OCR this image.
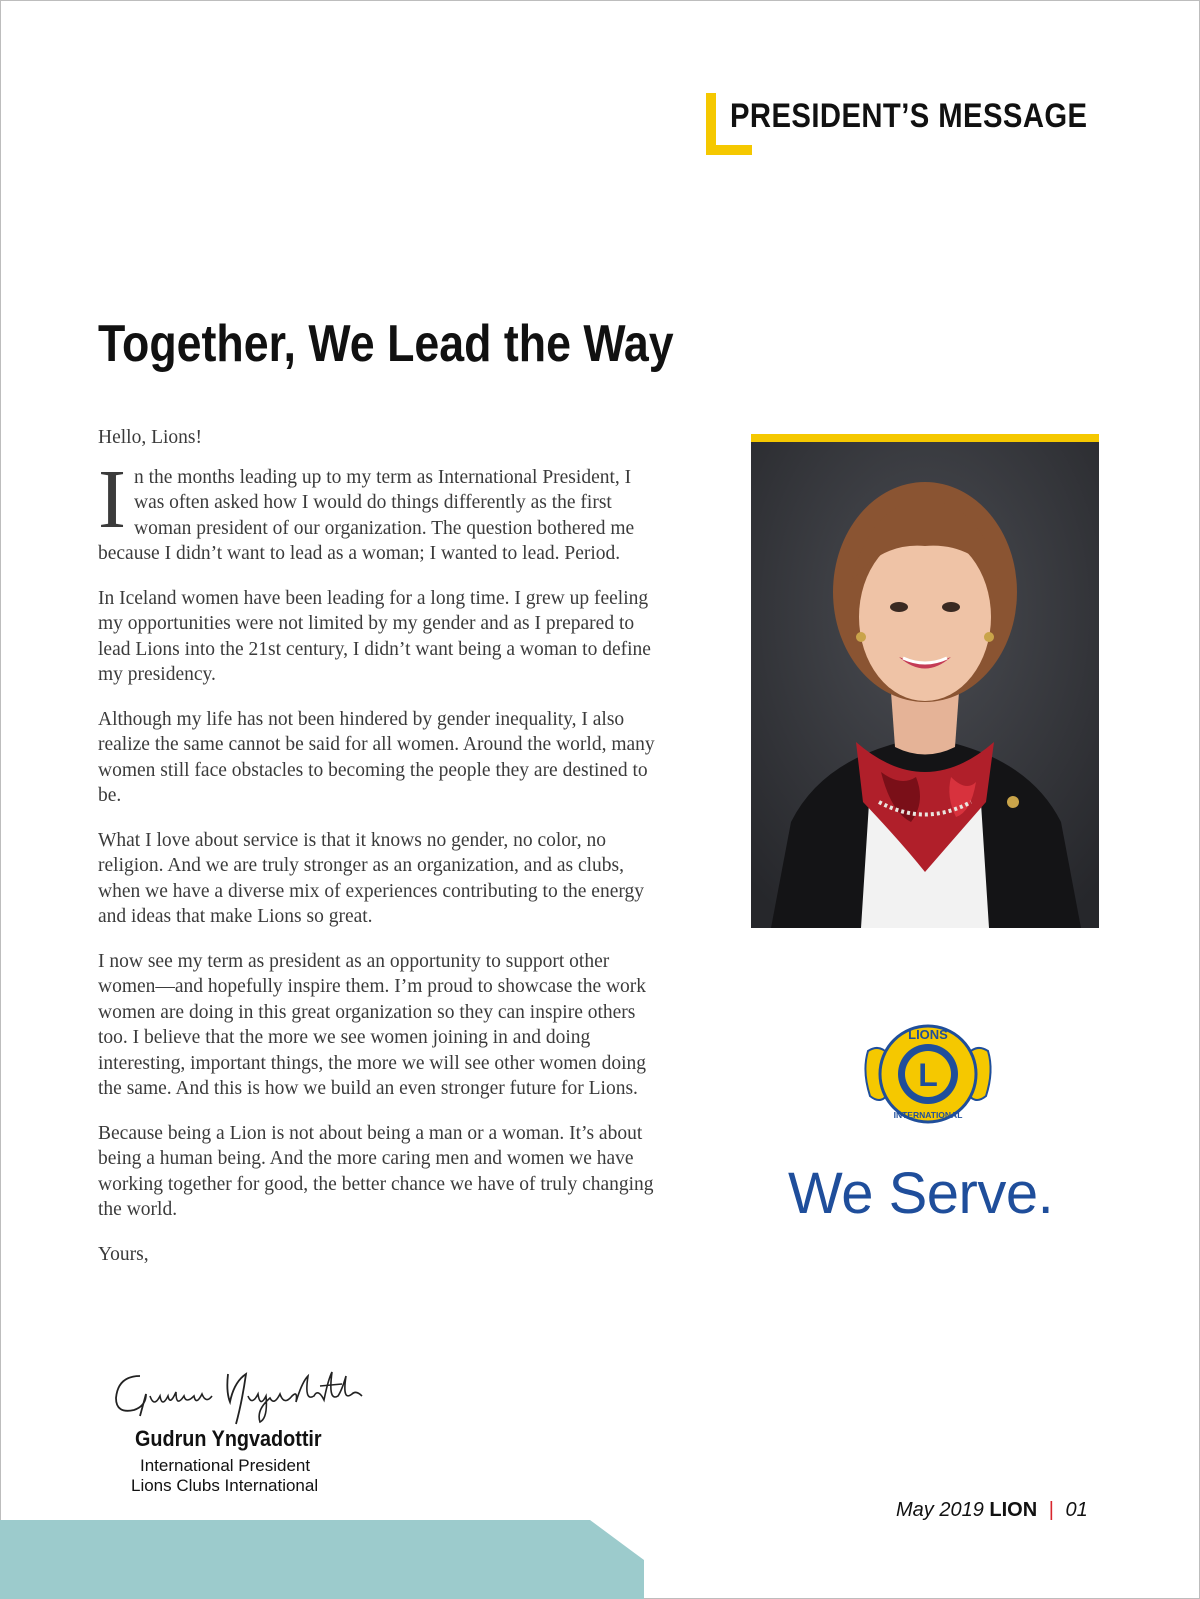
PRESIDENT’S MESSAGE
Together, We Lead the Way

Hello, Lions!

In the months leading up to my term as International President, I was often asked how I would do things differently as the first woman president of our organization. The question bothered me because I didn’t want to lead as a woman; I wanted to lead. Period.

In Iceland women have been leading for a long time. I grew up feeling my opportunities were not limited by my gender and as I prepared to lead Lions into the 21st century, I didn’t want being a woman to define my presidency.

Although my life has not been hindered by gender inequality, I also realize the same cannot be said for all women. Around the world, many women still face obstacles to becoming the people they are destined to be.

What I love about service is that it knows no gender, no color, no religion. And we are truly stronger as an organization, and as clubs, when we have a diverse mix of experiences contributing to the energy and ideas that make Lions so great.

I now see my term as president as an opportunity to support other women—and hopefully inspire them. I’m proud to showcase the work women are doing in this great organization so they can inspire others too. I believe that the more we see women joining in and doing interesting, important things, the more we will see other women doing the same. And this is how we build an even stronger future for Lions.

Because being a Lion is not about being a man or a woman. It’s about being a human being. And the more caring men and women we have working together for good, the better chance we have of truly changing the world.

Yours,

L
LIONS
INTERNATIONAL
We Serve.
Gudrun Yngvadottir
International President
Lions Clubs International
May 2019 LION | 01
